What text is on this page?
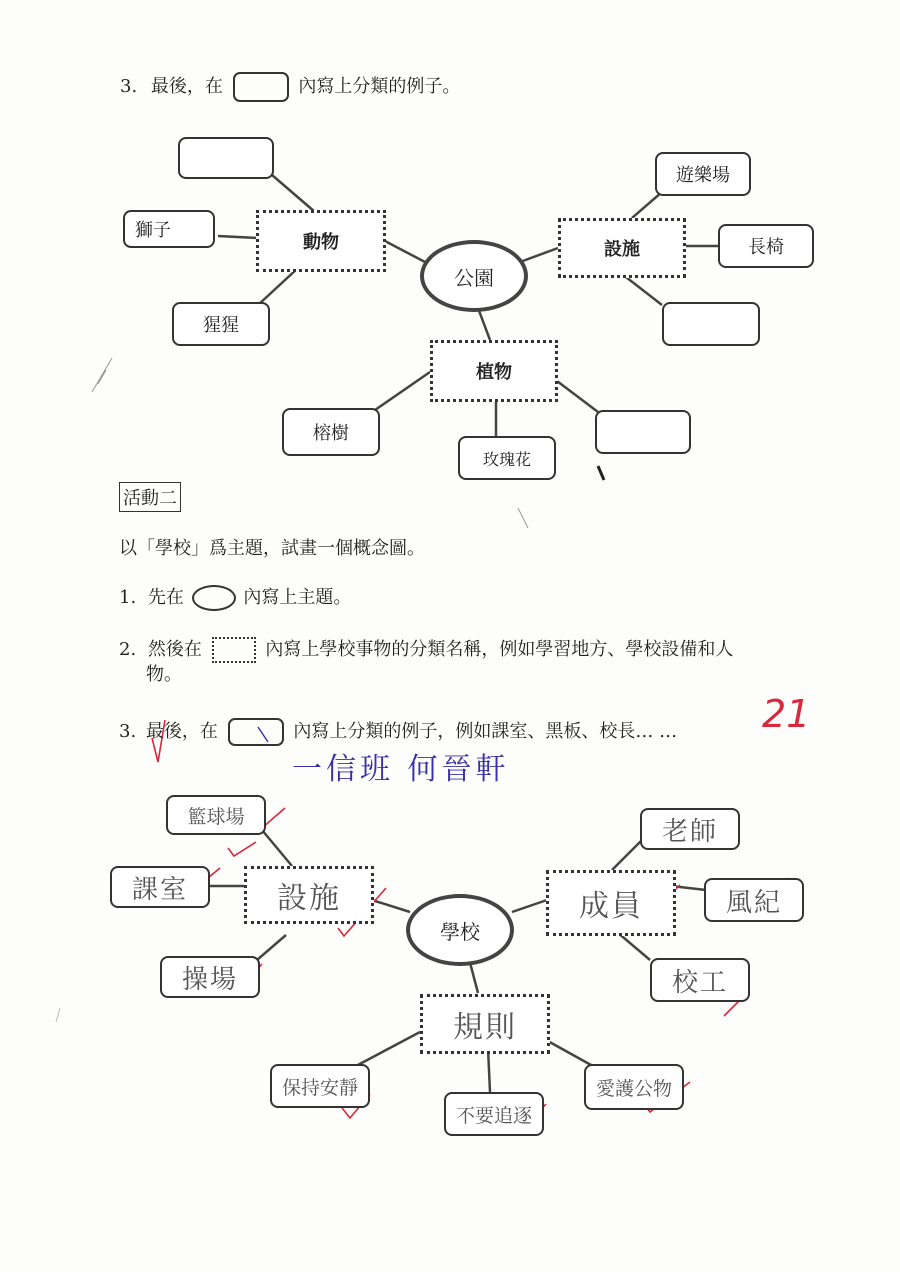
3. 最後，在	內寫上分類的例子。
獅子
猩猩
動物
公園
遊樂場
長椅
設施
植物
榕樹
玫瑰花
活動二
以「學校」爲主題，試畫一個概念圖。
1. 先在	內寫上主題。
2. 然後在	內寫上學校事物的分類名稱，例如學習地方、學校設備和人
物。
3. 最後，在	內寫上分類的例子，例如課室、黑板、校長… … 21
一信班 何晉軒
籃球場
課室
操場
設施
學校
老師
風紀
校工
成員
規則
保持安靜
不要追逐
愛護公物
